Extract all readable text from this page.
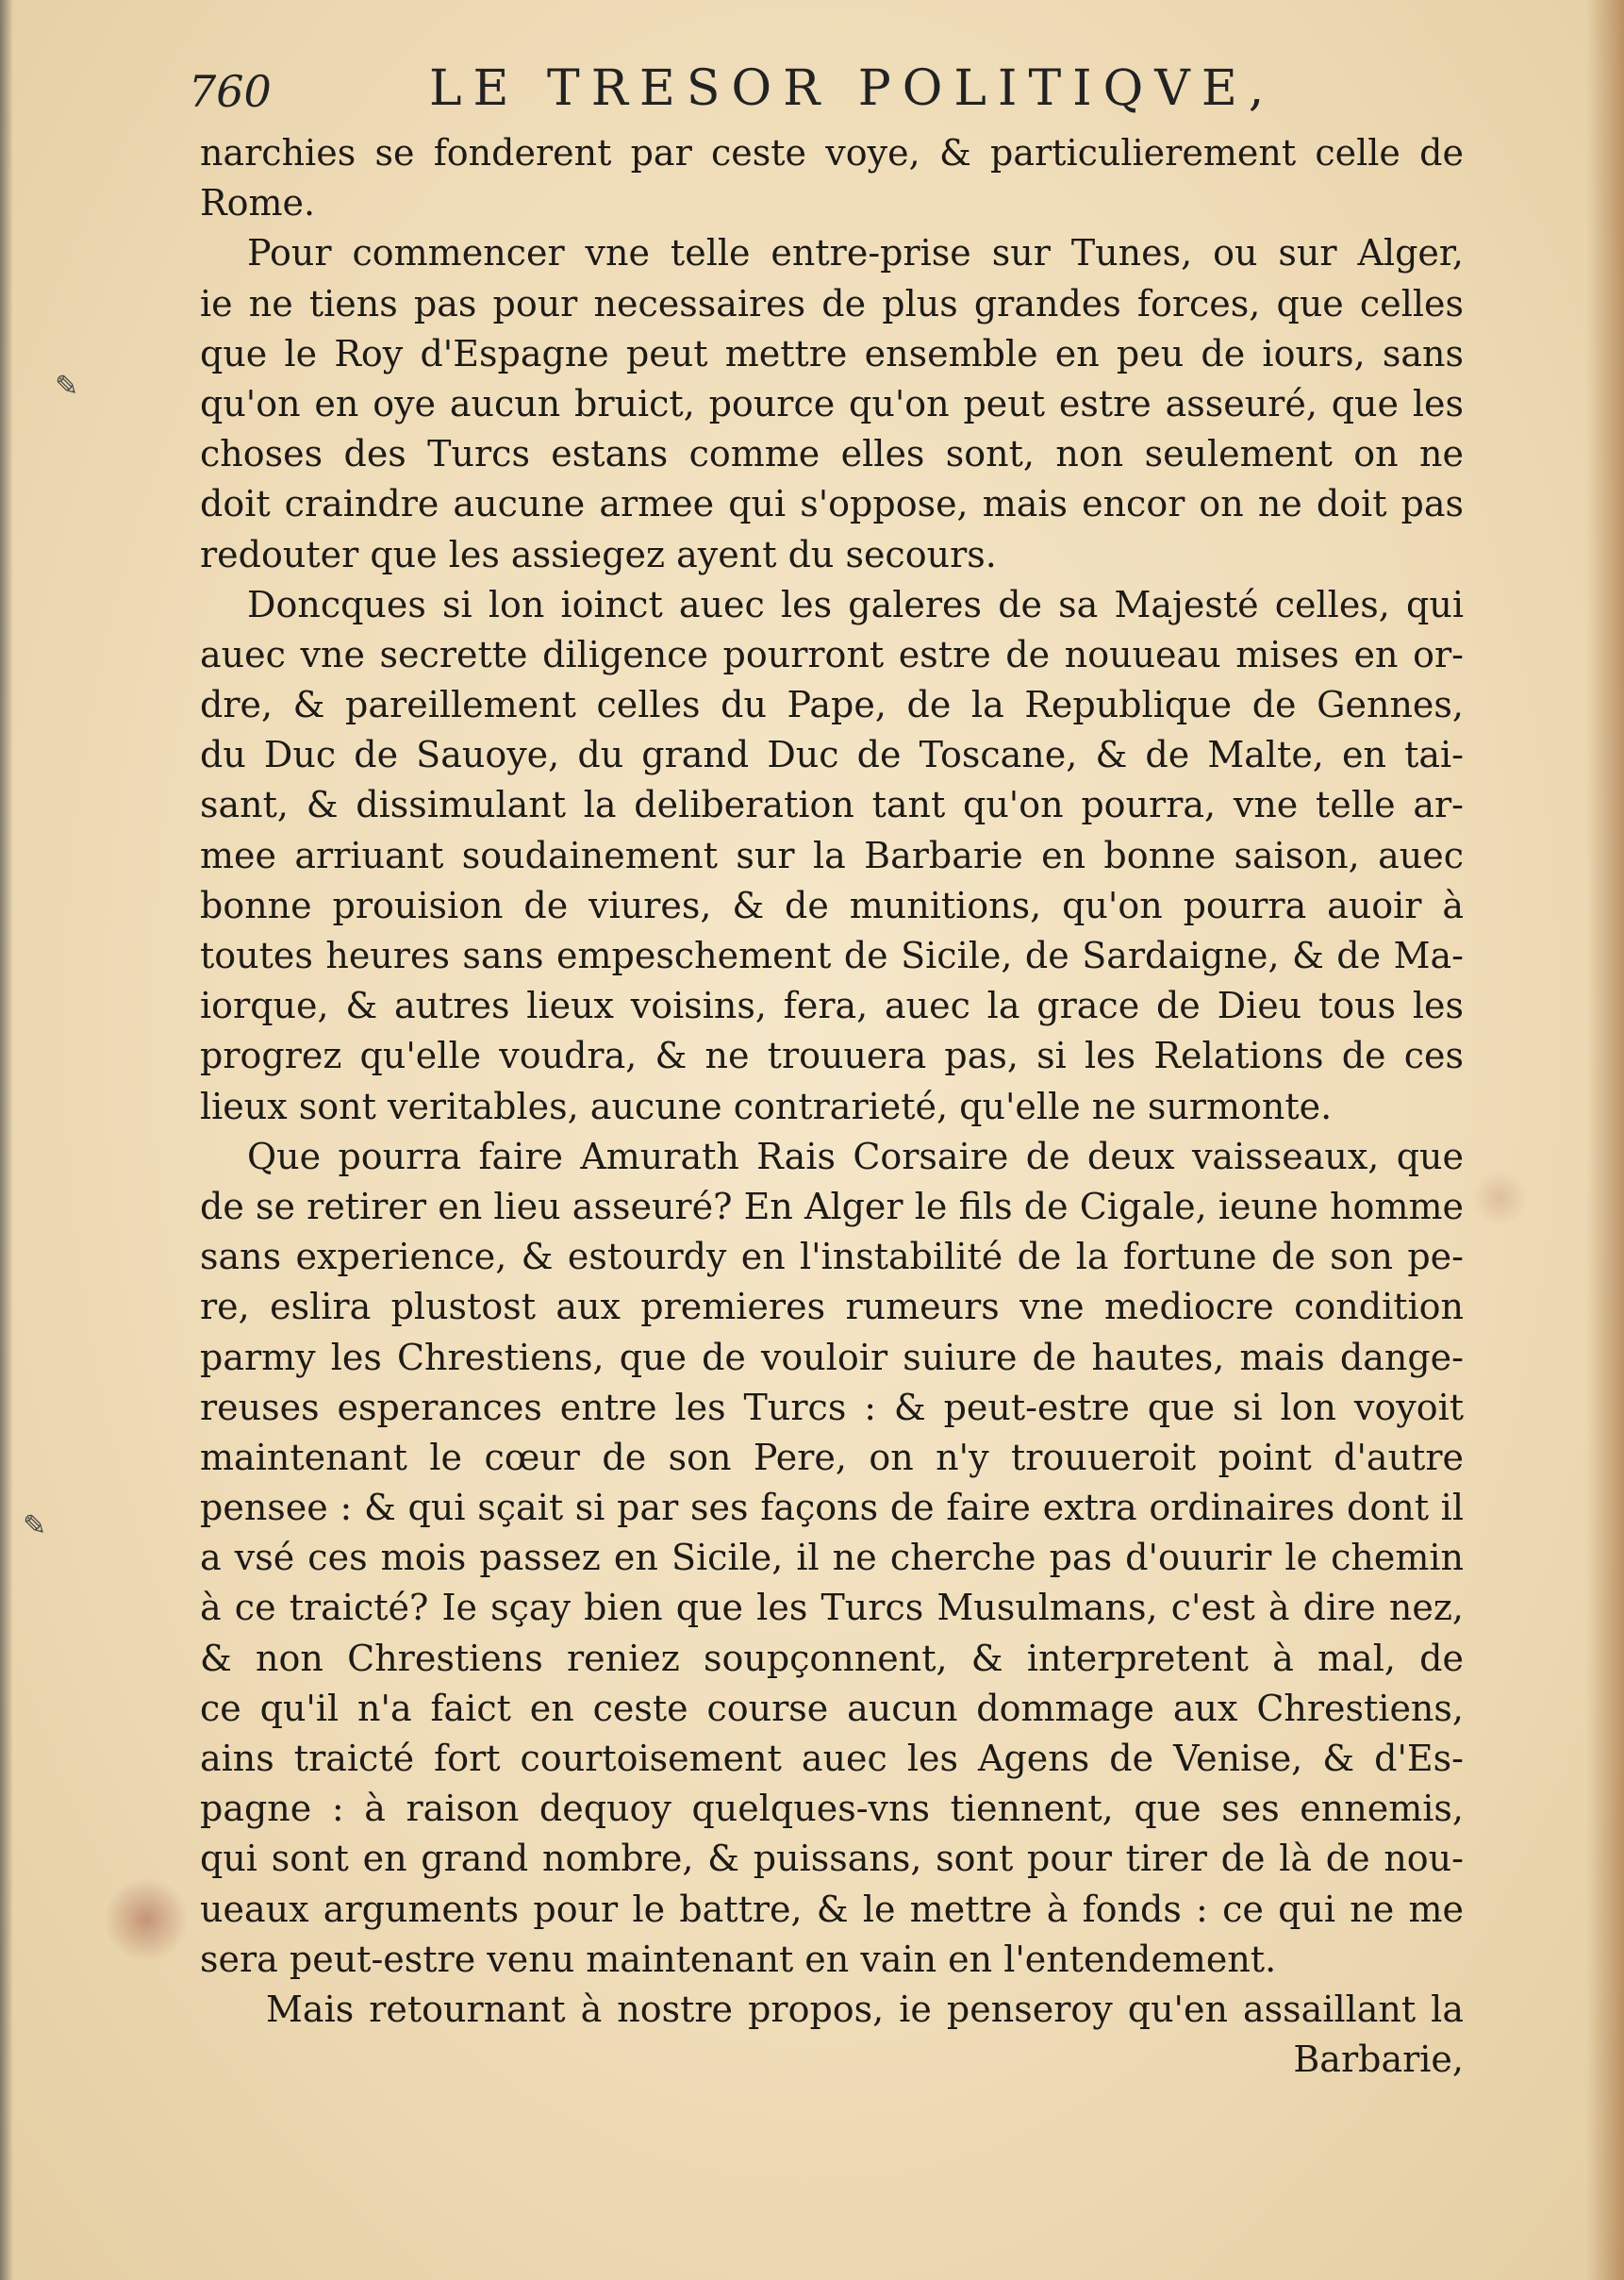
✎
✎
760	LE TRESOR POLITIQVE,
narchies se fonderent par ceste voye, & particulierement celle de
Rome.
Pour commencer vne telle entre-prise sur Tunes, ou sur Alger,
ie ne tiens pas pour necessaires de plus grandes forces, que celles
que le Roy d'Espagne peut mettre ensemble en peu de iours, sans
qu'on en oye aucun bruict, pource qu'on peut estre asseuré, que les
choses des Turcs estans comme elles sont, non seulement on ne
doit craindre aucune armee qui s'oppose, mais encor on ne doit pas
redouter que les assiegez ayent du secours.
Doncques si lon ioinct auec les galeres de sa Majesté celles, qui
auec vne secrette diligence pourront estre de nouueau mises en or-
dre, & pareillement celles du Pape, de la Republique de Gennes,
du Duc de Sauoye, du grand Duc de Toscane, & de Malte, en tai-
sant, & dissimulant la deliberation tant qu'on pourra, vne telle ar-
mee arriuant soudainement sur la Barbarie en bonne saison, auec
bonne prouision de viures, & de munitions, qu'on pourra auoir à
toutes heures sans empeschement de Sicile, de Sardaigne, & de Ma-
iorque, & autres lieux voisins, fera, auec la grace de Dieu tous les
progrez qu'elle voudra, & ne trouuera pas, si les Relations de ces
lieux sont veritables, aucune contrarieté, qu'elle ne surmonte.
Que pourra faire Amurath Rais Corsaire de deux vaisseaux, que
de se retirer en lieu asseuré? En Alger le fils de Cigale, ieune homme
sans experience, & estourdy en l'instabilité de la fortune de son pe-
re, eslira plustost aux premieres rumeurs vne mediocre condition
parmy les Chrestiens, que de vouloir suiure de hautes, mais dange-
reuses esperances entre les Turcs : & peut-estre que si lon voyoit
maintenant le cœur de son Pere, on n'y trouueroit point d'autre
pensee : & qui sçait si par ses façons de faire extra ordinaires dont il
a vsé ces mois passez en Sicile, il ne cherche pas d'ouurir le chemin
à ce traicté? Ie sçay bien que les Turcs Musulmans, c'est à dire nez,
& non Chrestiens reniez soupçonnent, & interpretent à mal, de
ce qu'il n'a faict en ceste course aucun dommage aux Chrestiens,
ains traicté fort courtoisement auec les Agens de Venise, & d'Es-
pagne : à raison dequoy quelques-vns tiennent, que ses ennemis,
qui sont en grand nombre, & puissans, sont pour tirer de là de nou-
ueaux arguments pour le battre, & le mettre à fonds : ce qui ne me
sera peut-estre venu maintenant en vain en l'entendement.
Mais retournant à nostre propos, ie penseroy qu'en assaillant la
Barbarie,
